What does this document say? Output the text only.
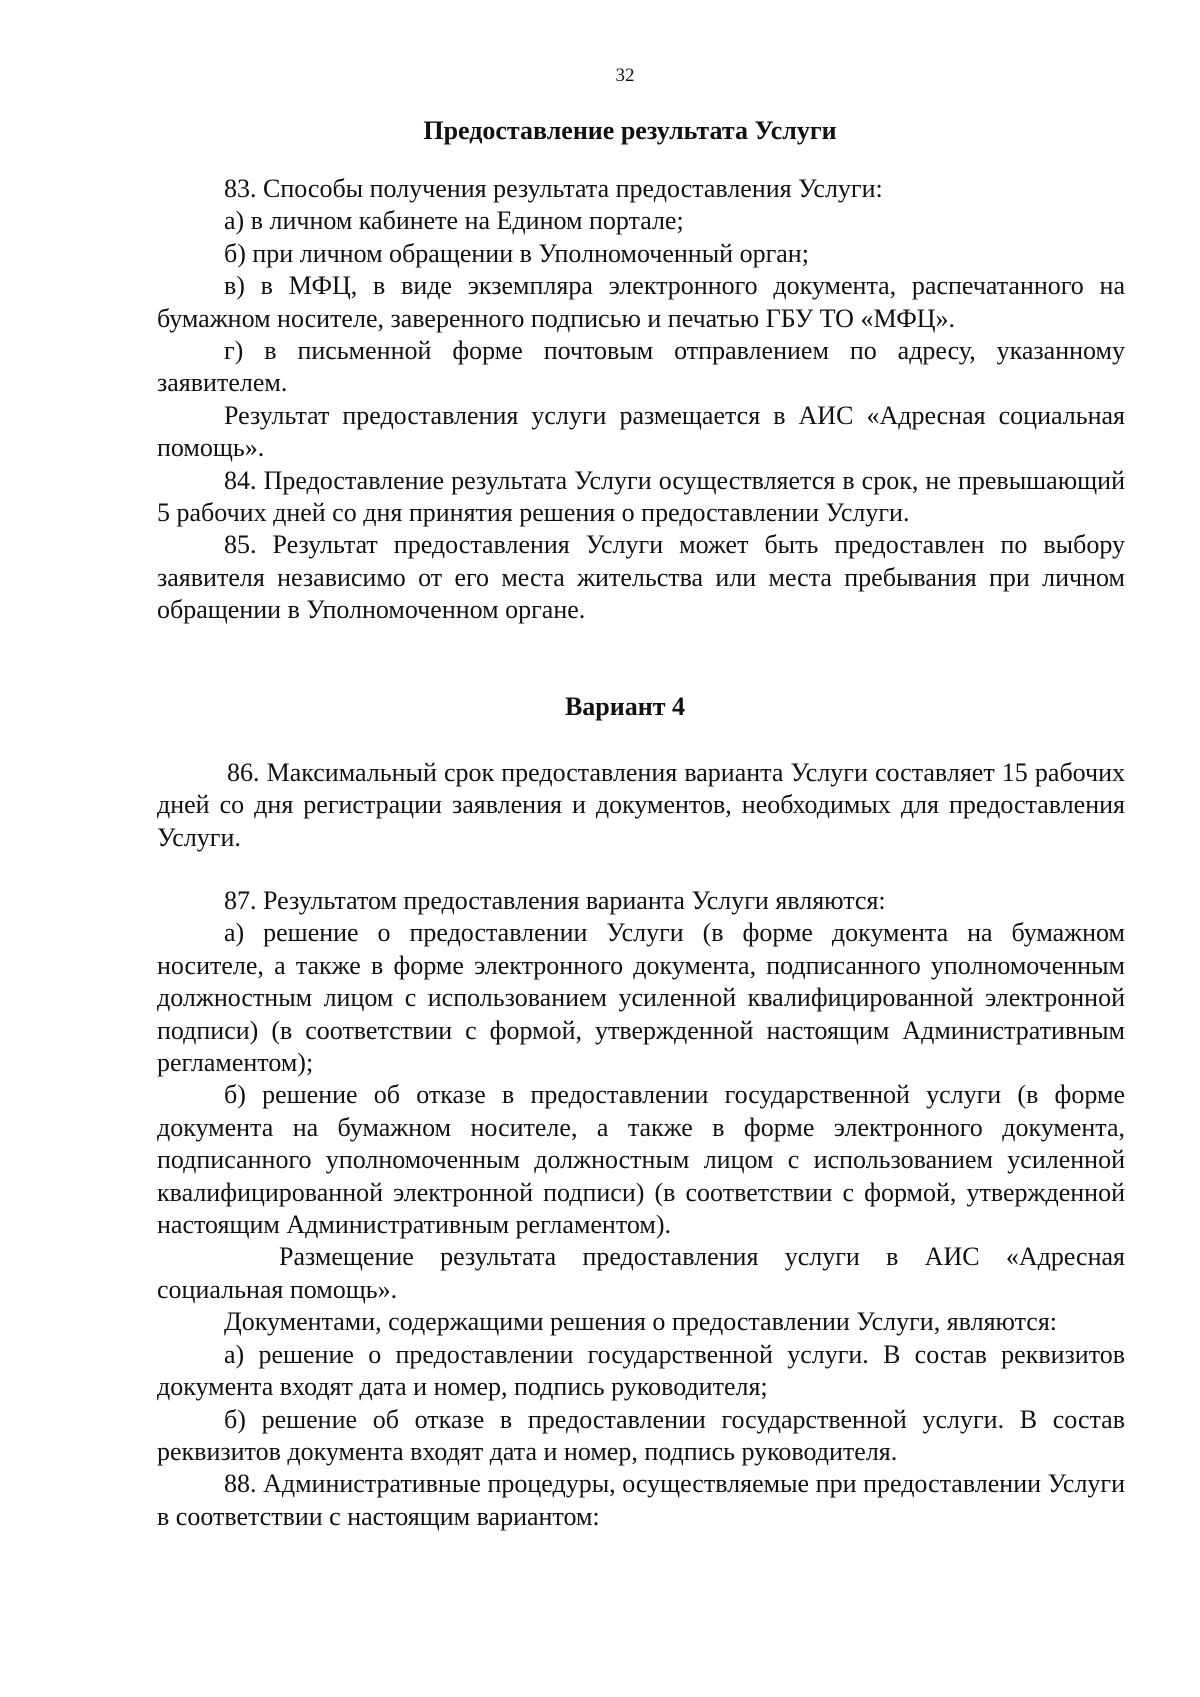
32
Предоставление результата Услуги

83. Способы получения результата предоставления Услуги:

а) в личном кабинете на Едином портале;

б) при личном обращении в Уполномоченный орган;

в) в МФЦ, в виде экземпляра электронного документа, распечатанного на бумажном носителе, заверенного подписью и печатью ГБУ ТО «МФЦ».

г) в письменной форме почтовым отправлением по адресу, указанному заявителем.

Результат предоставления услуги размещается в АИС «Адресная социальная помощь».

84. Предоставление результата Услуги осуществляется в срок, не превышающий 5 рабочих дней со дня принятия решения о предоставлении Услуги.

85. Результат предоставления Услуги может быть предоставлен по выбору заявителя независимо от его места жительства или места пребывания при личном обращении в Уполномоченном органе.

Вариант 4

86. Максимальный срок предоставления варианта Услуги составляет 15 рабочих дней со дня регистрации заявления и документов, необходимых для предоставления Услуги.

87. Результатом предоставления варианта Услуги являются:

а) решение о предоставлении Услуги (в форме документа на бумажном носителе, а также в форме электронного документа, подписанного уполномоченным должностным лицом с использованием усиленной квалифицированной электронной подписи) (в соответствии с формой, утвержденной настоящим Административным регламентом);

б) решение об отказе в предоставлении государственной услуги (в форме документа на бумажном носителе, а также в форме электронного документа, подписанного уполномоченным должностным лицом с использованием усиленной квалифицированной электронной подписи) (в соответствии с формой, утвержденной настоящим Административным регламентом).

Размещение результата предоставления услуги в АИС «Адресная социальная помощь».

Документами, содержащими решения о предоставлении Услуги, являются:

а) решение о предоставлении государственной услуги. В состав реквизитов документа входят дата и номер, подпись руководителя;

б) решение об отказе в предоставлении государственной услуги. В состав реквизитов документа входят дата и номер, подпись руководителя.

88. Административные процедуры, осуществляемые при предоставлении Услуги в соответствии с настоящим вариантом:
